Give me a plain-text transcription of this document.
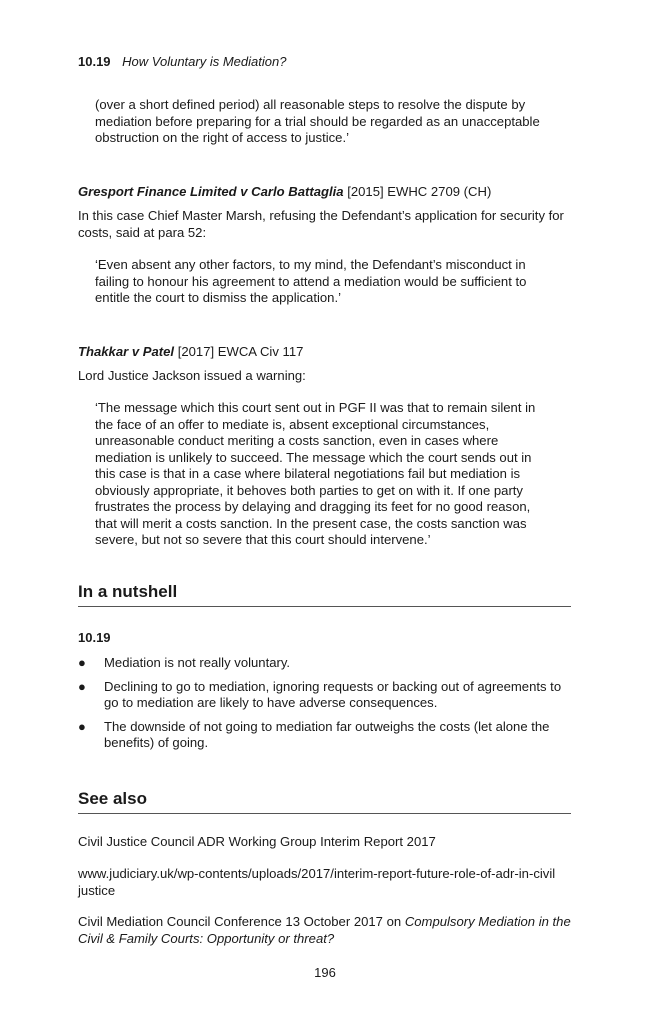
10.19 How Voluntary is Mediation?
(over a short defined period) all reasonable steps to resolve the dispute by mediation before preparing for a trial should be regarded as an unacceptable obstruction on the right of access to justice.’
Gresport Finance Limited v Carlo Battaglia [2015] EWHC 2709 (CH)
In this case Chief Master Marsh, refusing the Defendant’s application for security for costs, said at para 52:
‘Even absent any other factors, to my mind, the Defendant’s misconduct in failing to honour his agreement to attend a mediation would be sufficient to entitle the court to dismiss the application.’
Thakkar v Patel [2017] EWCA Civ 117
Lord Justice Jackson issued a warning:
‘The message which this court sent out in PGF II was that to remain silent in the face of an offer to mediate is, absent exceptional circumstances, unreasonable conduct meriting a costs sanction, even in cases where mediation is unlikely to succeed. The message which the court sends out in this case is that in a case where bilateral negotiations fail but mediation is obviously appropriate, it behoves both parties to get on with it. If one party frustrates the process by delaying and dragging its feet for no good reason, that will merit a costs sanction. In the present case, the costs sanction was severe, but not so severe that this court should intervene.’
In a nutshell
10.19
● Mediation is not really voluntary.
● Declining to go to mediation, ignoring requests or backing out of agreements to go to mediation are likely to have adverse consequences.
● The downside of not going to mediation far outweighs the costs (let alone the benefits) of going.
See also
Civil Justice Council ADR Working Group Interim Report 2017
www.judiciary.uk/wp-contents/uploads/2017/interim-report-future-role-of-adr-in-civil justice
Civil Mediation Council Conference 13 October 2017 on Compulsory Mediation in the Civil & Family Courts: Opportunity or threat?
196
